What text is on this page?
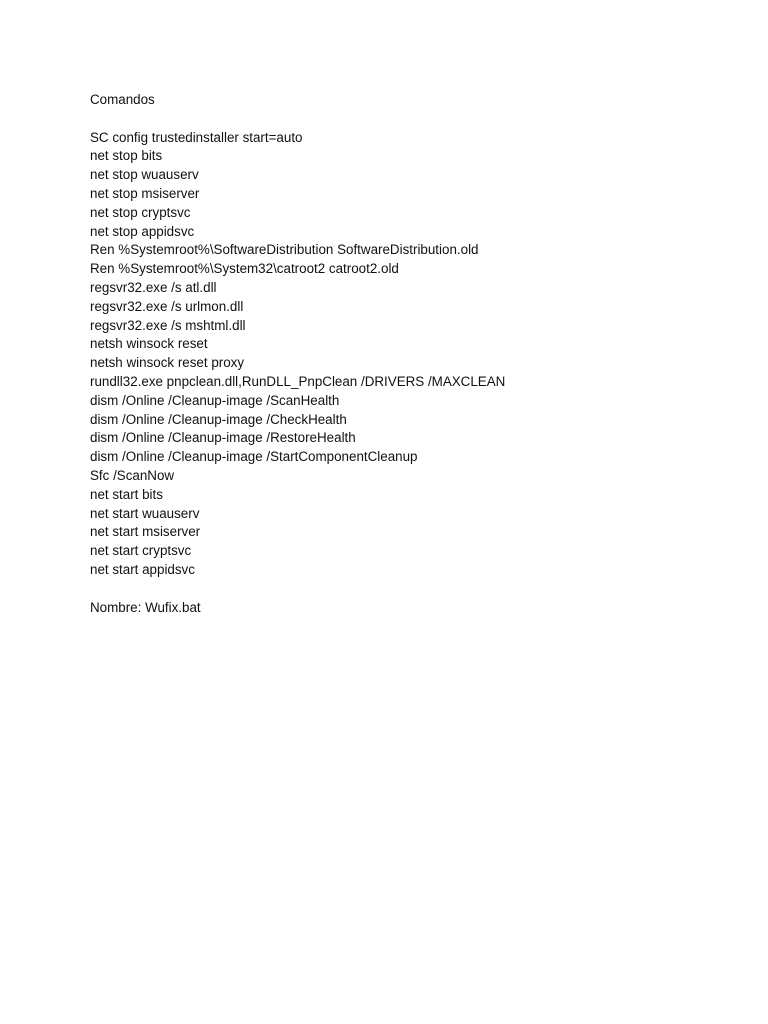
Comandos
SC config trustedinstaller start=auto
net stop bits
net stop wuauserv
net stop msiserver
net stop cryptsvc
net stop appidsvc
Ren %Systemroot%\SoftwareDistribution SoftwareDistribution.old
Ren %Systemroot%\System32\catroot2 catroot2.old
regsvr32.exe /s atl.dll
regsvr32.exe /s urlmon.dll
regsvr32.exe /s mshtml.dll
netsh winsock reset
netsh winsock reset proxy
rundll32.exe pnpclean.dll,RunDLL_PnpClean /DRIVERS /MAXCLEAN
dism /Online /Cleanup-image /ScanHealth
dism /Online /Cleanup-image /CheckHealth
dism /Online /Cleanup-image /RestoreHealth
dism /Online /Cleanup-image /StartComponentCleanup
Sfc /ScanNow
net start bits
net start wuauserv
net start msiserver
net start cryptsvc
net start appidsvc
Nombre: Wufix.bat
